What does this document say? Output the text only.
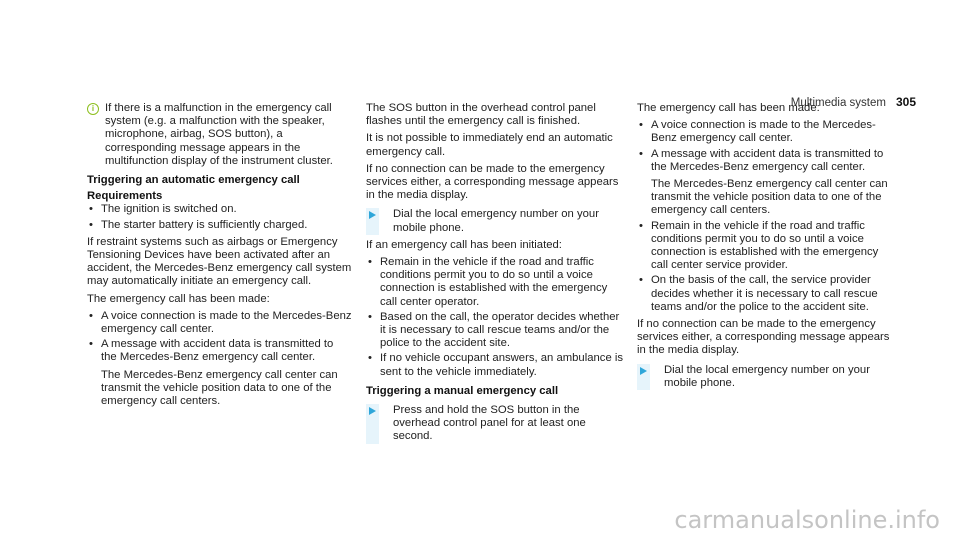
Multimedia system 305
i If there is a malfunction in the emergency call system (e.g. a malfunction with the speaker, microphone, airbag, SOS button), a corresponding message appears in the multifunction display of the instrument cluster.
Triggering an automatic emergency call
Requirements
• The ignition is switched on.
• The starter battery is sufficiently charged.
If restraint systems such as airbags or Emergency Tensioning Devices have been activated after an accident, the Mercedes-Benz emergency call system may automatically initiate an emergency call.
The emergency call has been made:
• A voice connection is made to the Mercedes-Benz emergency call center.
• A message with accident data is transmitted to the Mercedes-Benz emergency call center.
The Mercedes-Benz emergency call center can transmit the vehicle position data to one of the emergency call centers.
The SOS button in the overhead control panel flashes until the emergency call is finished.
It is not possible to immediately end an automatic emergency call.
If no connection can be made to the emergency services either, a corresponding message appears in the media display.
Dial the local emergency number on your mobile phone.
If an emergency call has been initiated:
• Remain in the vehicle if the road and traffic conditions permit you to do so until a voice connection is established with the emergency call center operator.
• Based on the call, the operator decides whether it is necessary to call rescue teams and/or the police to the accident site.
• If no vehicle occupant answers, an ambulance is sent to the vehicle immediately.
Triggering a manual emergency call
Press and hold the SOS button in the overhead control panel for at least one second.
The emergency call has been made:
• A voice connection is made to the Mercedes-Benz emergency call center.
• A message with accident data is transmitted to the Mercedes-Benz emergency call center.
The Mercedes-Benz emergency call center can transmit the vehicle position data to one of the emergency call centers.
• Remain in the vehicle if the road and traffic conditions permit you to do so until a voice connection is established with the emergency call center service provider.
• On the basis of the call, the service provider decides whether it is necessary to call rescue teams and/or the police to the accident site.
If no connection can be made to the emergency services either, a corresponding message appears in the media display.
Dial the local emergency number on your mobile phone.
carmanualsonline.info
